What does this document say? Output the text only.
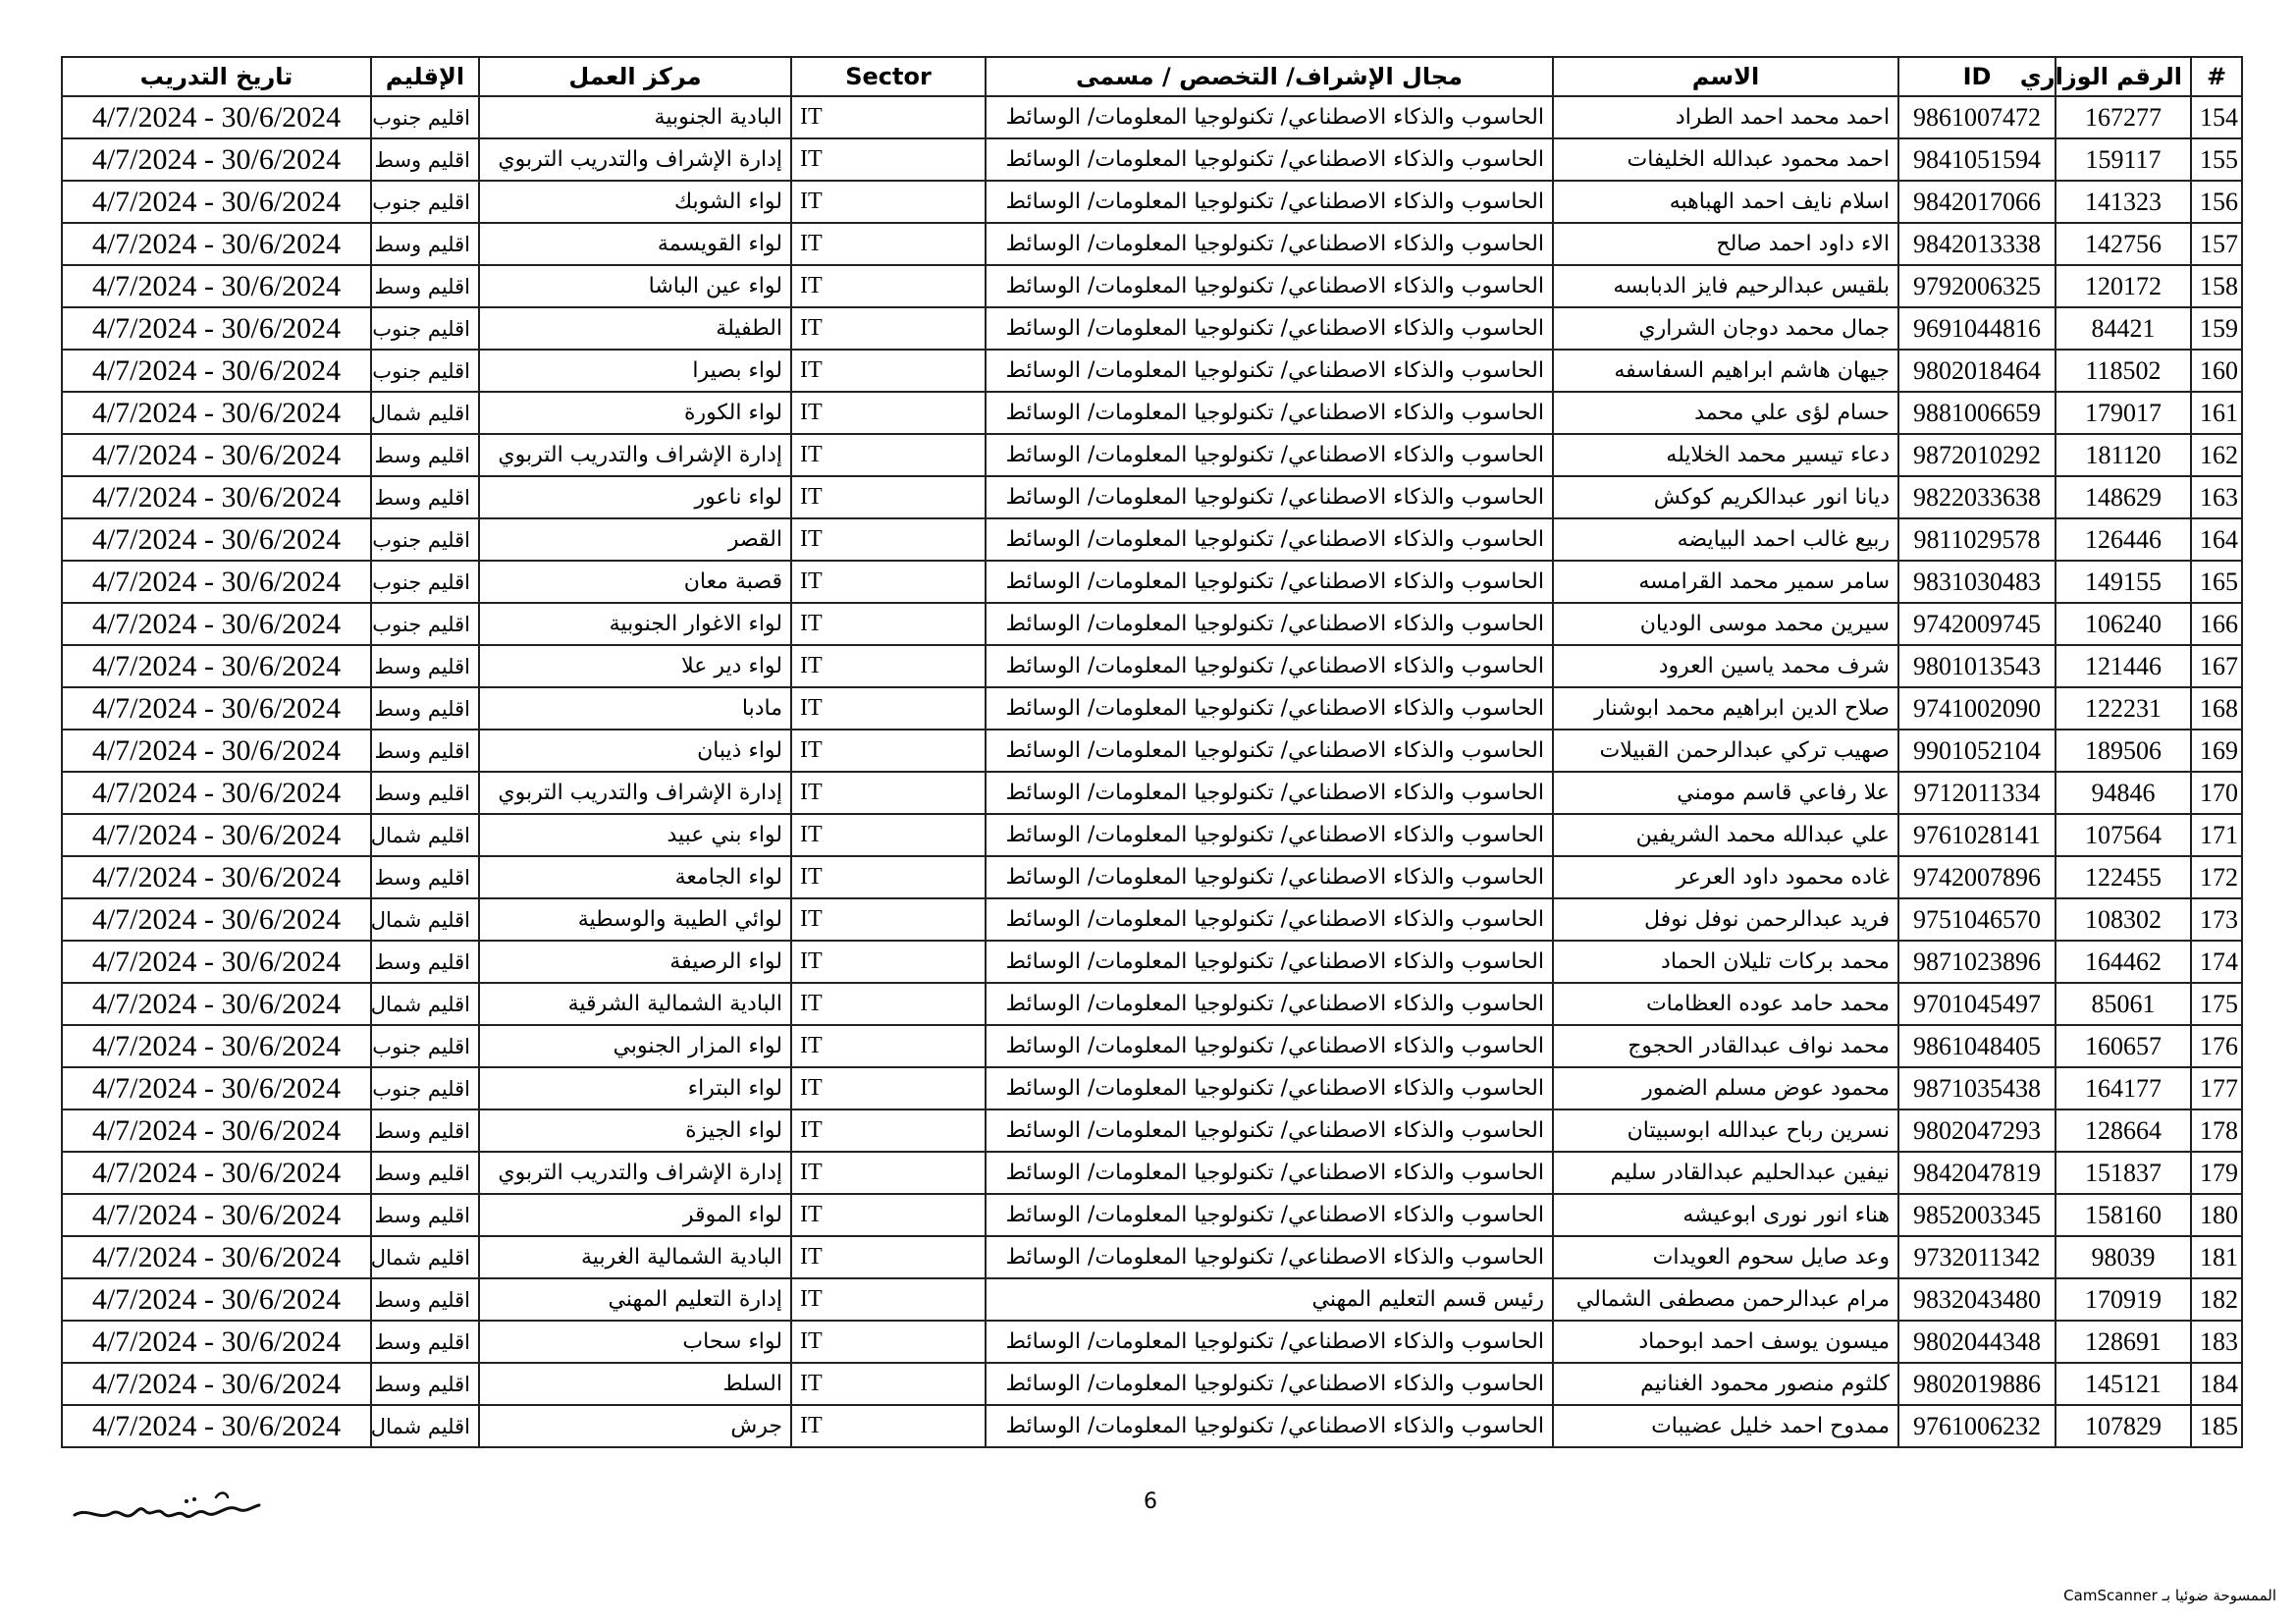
#	الرقم الوزاري	ID	الاسم	مجال الإشراف/ التخصص / مسمى	Sector	مركز العمل	الإقليم	تاريخ التدريب
154	167277	9861007472	احمد محمد احمد الطراد	الحاسوب والذكاء الاصطناعي/ تكنولوجيا المعلومات/ الوسائط	IT	البادية الجنوبية	اقليم جنوب	30/6/2024 - 4/7/2024
155	159117	9841051594	احمد محمود عبدالله الخليفات	الحاسوب والذكاء الاصطناعي/ تكنولوجيا المعلومات/ الوسائط	IT	إدارة الإشراف والتدريب التربوي	اقليم وسط	30/6/2024 - 4/7/2024
156	141323	9842017066	اسلام نايف احمد الهباهبه	الحاسوب والذكاء الاصطناعي/ تكنولوجيا المعلومات/ الوسائط	IT	لواء الشوبك	اقليم جنوب	30/6/2024 - 4/7/2024
157	142756	9842013338	الاء داود احمد صالح	الحاسوب والذكاء الاصطناعي/ تكنولوجيا المعلومات/ الوسائط	IT	لواء القويسمة	اقليم وسط	30/6/2024 - 4/7/2024
158	120172	9792006325	بلقيس عبدالرحيم فايز الدبابسه	الحاسوب والذكاء الاصطناعي/ تكنولوجيا المعلومات/ الوسائط	IT	لواء عين الباشا	اقليم وسط	30/6/2024 - 4/7/2024
159	84421	9691044816	جمال محمد دوجان الشراري	الحاسوب والذكاء الاصطناعي/ تكنولوجيا المعلومات/ الوسائط	IT	الطفيلة	اقليم جنوب	30/6/2024 - 4/7/2024
160	118502	9802018464	جيهان هاشم ابراهيم السفاسفه	الحاسوب والذكاء الاصطناعي/ تكنولوجيا المعلومات/ الوسائط	IT	لواء بصيرا	اقليم جنوب	30/6/2024 - 4/7/2024
161	179017	9881006659	حسام لؤى علي محمد	الحاسوب والذكاء الاصطناعي/ تكنولوجيا المعلومات/ الوسائط	IT	لواء الكورة	اقليم شمال	30/6/2024 - 4/7/2024
162	181120	9872010292	دعاء تيسير محمد الخلايله	الحاسوب والذكاء الاصطناعي/ تكنولوجيا المعلومات/ الوسائط	IT	إدارة الإشراف والتدريب التربوي	اقليم وسط	30/6/2024 - 4/7/2024
163	148629	9822033638	ديانا انور عبدالكريم كوكش	الحاسوب والذكاء الاصطناعي/ تكنولوجيا المعلومات/ الوسائط	IT	لواء ناعور	اقليم وسط	30/6/2024 - 4/7/2024
164	126446	9811029578	ربيع غالب احمد البيايضه	الحاسوب والذكاء الاصطناعي/ تكنولوجيا المعلومات/ الوسائط	IT	القصر	اقليم جنوب	30/6/2024 - 4/7/2024
165	149155	9831030483	سامر سمير محمد القرامسه	الحاسوب والذكاء الاصطناعي/ تكنولوجيا المعلومات/ الوسائط	IT	قصبة معان	اقليم جنوب	30/6/2024 - 4/7/2024
166	106240	9742009745	سيرين محمد موسى الوديان	الحاسوب والذكاء الاصطناعي/ تكنولوجيا المعلومات/ الوسائط	IT	لواء الاغوار الجنوبية	اقليم جنوب	30/6/2024 - 4/7/2024
167	121446	9801013543	شرف محمد ياسين العرود	الحاسوب والذكاء الاصطناعي/ تكنولوجيا المعلومات/ الوسائط	IT	لواء دير علا	اقليم وسط	30/6/2024 - 4/7/2024
168	122231	9741002090	صلاح الدين ابراهيم محمد ابوشنار	الحاسوب والذكاء الاصطناعي/ تكنولوجيا المعلومات/ الوسائط	IT	مادبا	اقليم وسط	30/6/2024 - 4/7/2024
169	189506	9901052104	صهيب تركي عبدالرحمن القبيلات	الحاسوب والذكاء الاصطناعي/ تكنولوجيا المعلومات/ الوسائط	IT	لواء ذيبان	اقليم وسط	30/6/2024 - 4/7/2024
170	94846	9712011334	علا رفاعي قاسم مومني	الحاسوب والذكاء الاصطناعي/ تكنولوجيا المعلومات/ الوسائط	IT	إدارة الإشراف والتدريب التربوي	اقليم وسط	30/6/2024 - 4/7/2024
171	107564	9761028141	علي عبدالله محمد الشريفين	الحاسوب والذكاء الاصطناعي/ تكنولوجيا المعلومات/ الوسائط	IT	لواء بني عبيد	اقليم شمال	30/6/2024 - 4/7/2024
172	122455	9742007896	غاده محمود داود العرعر	الحاسوب والذكاء الاصطناعي/ تكنولوجيا المعلومات/ الوسائط	IT	لواء الجامعة	اقليم وسط	30/6/2024 - 4/7/2024
173	108302	9751046570	فريد عبدالرحمن نوفل نوفل	الحاسوب والذكاء الاصطناعي/ تكنولوجيا المعلومات/ الوسائط	IT	لوائي الطيبة والوسطية	اقليم شمال	30/6/2024 - 4/7/2024
174	164462	9871023896	محمد بركات تليلان الحماد	الحاسوب والذكاء الاصطناعي/ تكنولوجيا المعلومات/ الوسائط	IT	لواء الرصيفة	اقليم وسط	30/6/2024 - 4/7/2024
175	85061	9701045497	محمد حامد عوده العظامات	الحاسوب والذكاء الاصطناعي/ تكنولوجيا المعلومات/ الوسائط	IT	البادية الشمالية الشرقية	اقليم شمال	30/6/2024 - 4/7/2024
176	160657	9861048405	محمد نواف عبدالقادر الحجوج	الحاسوب والذكاء الاصطناعي/ تكنولوجيا المعلومات/ الوسائط	IT	لواء المزار الجنوبي	اقليم جنوب	30/6/2024 - 4/7/2024
177	164177	9871035438	محمود عوض مسلم الضمور	الحاسوب والذكاء الاصطناعي/ تكنولوجيا المعلومات/ الوسائط	IT	لواء البتراء	اقليم جنوب	30/6/2024 - 4/7/2024
178	128664	9802047293	نسرين رباح عبدالله ابوسبيتان	الحاسوب والذكاء الاصطناعي/ تكنولوجيا المعلومات/ الوسائط	IT	لواء الجيزة	اقليم وسط	30/6/2024 - 4/7/2024
179	151837	9842047819	نيفين عبدالحليم عبدالقادر سليم	الحاسوب والذكاء الاصطناعي/ تكنولوجيا المعلومات/ الوسائط	IT	إدارة الإشراف والتدريب التربوي	اقليم وسط	30/6/2024 - 4/7/2024
180	158160	9852003345	هناء انور نورى ابوعيشه	الحاسوب والذكاء الاصطناعي/ تكنولوجيا المعلومات/ الوسائط	IT	لواء الموقر	اقليم وسط	30/6/2024 - 4/7/2024
181	98039	9732011342	وعد صايل سحوم العويدات	الحاسوب والذكاء الاصطناعي/ تكنولوجيا المعلومات/ الوسائط	IT	البادية الشمالية الغربية	اقليم شمال	30/6/2024 - 4/7/2024
182	170919	9832043480	مرام عبدالرحمن مصطفى الشمالي	رئيس قسم التعليم المهني	IT	إدارة التعليم المهني	اقليم وسط	30/6/2024 - 4/7/2024
183	128691	9802044348	ميسون يوسف احمد ابوحماد	الحاسوب والذكاء الاصطناعي/ تكنولوجيا المعلومات/ الوسائط	IT	لواء سحاب	اقليم وسط	30/6/2024 - 4/7/2024
184	145121	9802019886	كلثوم منصور محمود الغنانيم	الحاسوب والذكاء الاصطناعي/ تكنولوجيا المعلومات/ الوسائط	IT	السلط	اقليم وسط	30/6/2024 - 4/7/2024
185	107829	9761006232	ممدوح احمد خليل عضيبات	الحاسوب والذكاء الاصطناعي/ تكنولوجيا المعلومات/ الوسائط	IT	جرش	اقليم شمال	30/6/2024 - 4/7/2024
6
الممسوحة ضوئيا بـ CamScanner
